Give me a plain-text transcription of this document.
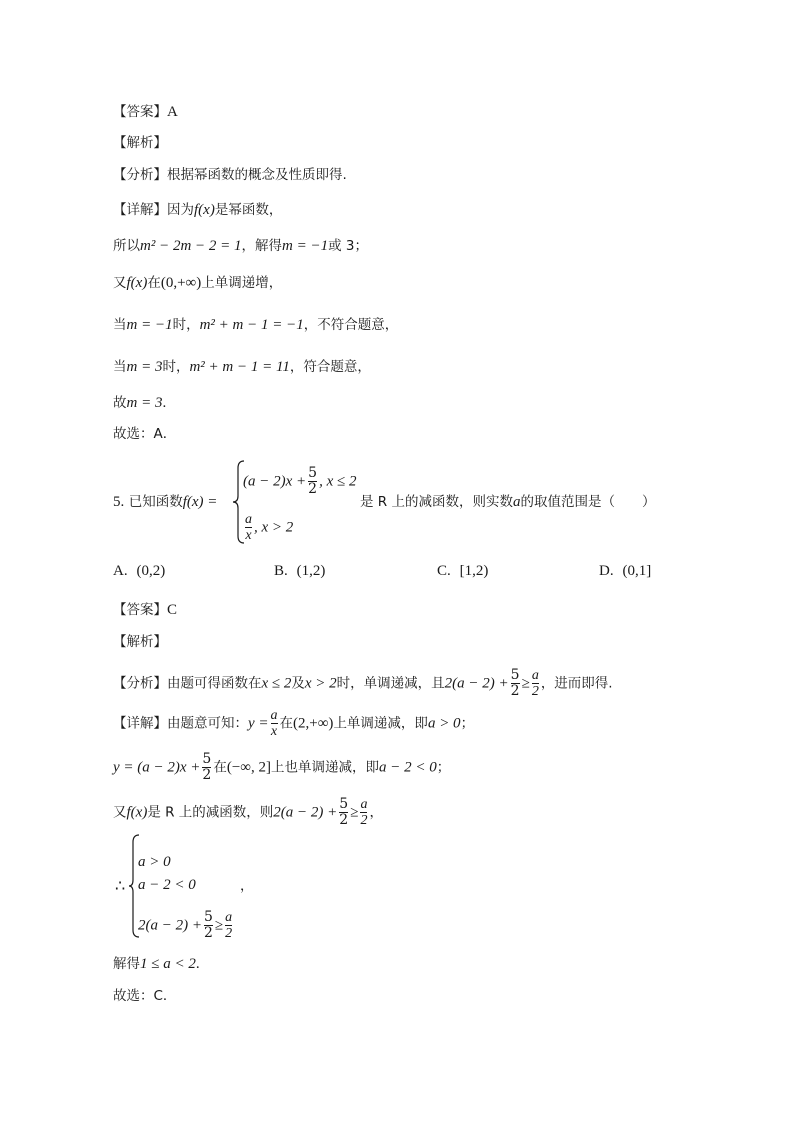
【答案】A
【解析】
【分析】根据幂函数的概念及性质即得.
【详解】因为f(x)是幂函数，
所以m² − 2m − 2 = 1，解得m = −1或 3；
又f(x)在(0,+∞)上单调递增，
当m = −1时，m² + m − 1 = −1，不符合题意，
当m = 3时，m² + m − 1 = 11，符合题意，
故m = 3.
故选：A．
5. 已知函数f(x) =
$(a - 2)x + \frac{5}{2}$ , x ≤ 2
$\frac{a}{x}$ , x > 2
是 R 上的减函数，则实数a的取值范围是（　　）
A. (0,2)	B. (1,2)	C. [1,2)	D. (0,1]
【答案】C
【解析】
【分析】由题可得函数在x ≤ 2及x > 2时，单调递减，且$2(a - 2) + \frac{5}{2} \ge \frac{a}{2}$ ，进而即得.
【详解】由题意可知：$y = \frac{a}{x}$ 在(2,+∞)上单调递减，即a > 0；
$y = (a - 2)x + \frac{5}{2}$ 在(−∞, 2]上也单调递减，即a − 2 < 0；
又f(x)是 R 上的减函数，则$2(a - 2) + \frac{5}{2} \ge \frac{a}{2}$ ，
∴
a > 0
a − 2 < 0
$2(a - 2) + \frac{5}{2} \ge \frac{a}{2}$
，
解得1 ≤ a < 2.
故选：C．
